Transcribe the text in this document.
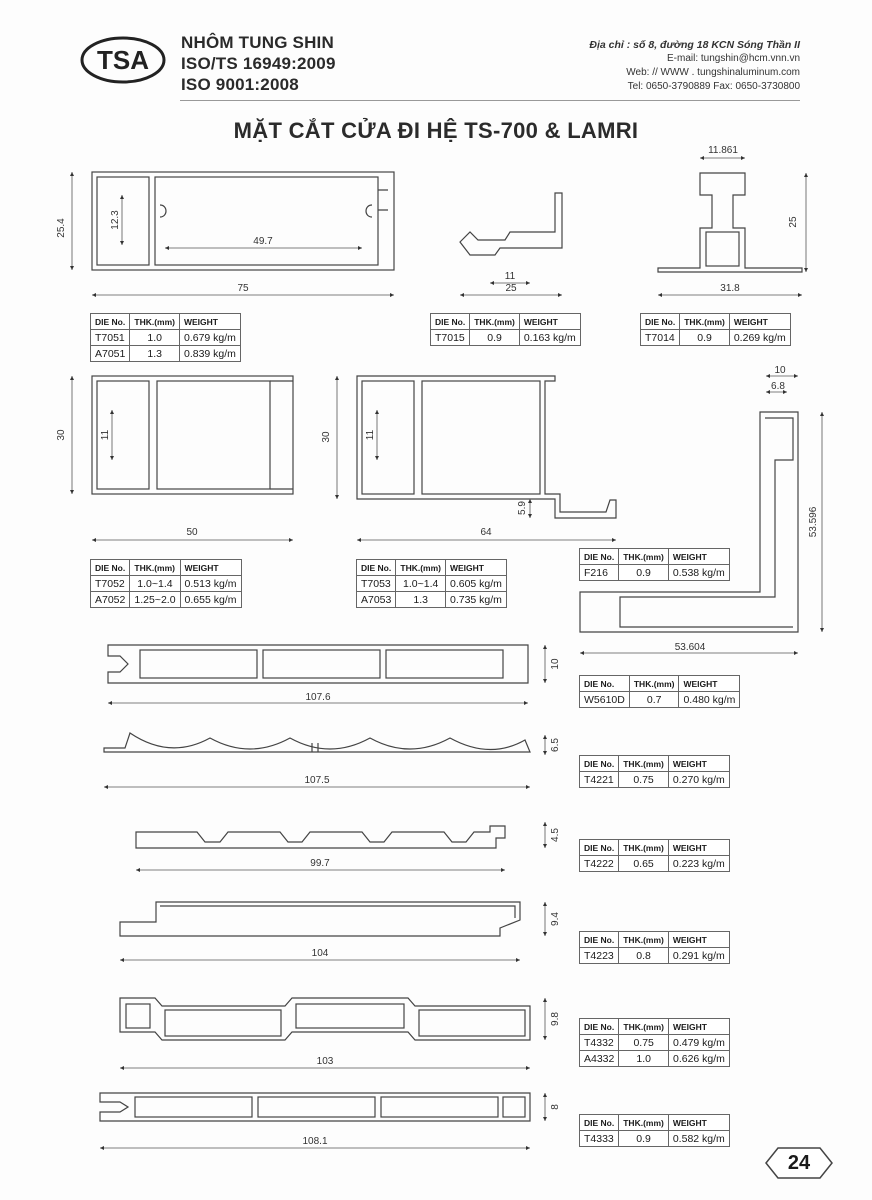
TSA
NHÔM TUNG SHIN
ISO/TS 16949:2009
ISO 9001:2008
Địa chỉ : số 8, đường 18 KCN Sóng Thần II
E-mail: tungshin@hcm.vnn.vn
Web: // WWW . tungshinaluminum.com
Tel: 0650-3790889 Fax: 0650-3730800
MẶT CẮT CỬA ĐI HỆ TS-700 & LAMRI
25.4	12.3
49.7
75
11
25
11.861
25
31.8
30	11
50
30	11
5.9
64
10
6.8
53.596
53.604
10
107.6
6.5
107.5
4.5
99.7
9.4
104
9.8
103
8
108.1
DIE No.	THK.(mm)	WEIGHT
T7051	1.0	0.679 kg/m
A7051	1.3	0.839 kg/m
DIE No.	THK.(mm)	WEIGHT
T7015	0.9	0.163 kg/m
DIE No.	THK.(mm)	WEIGHT
T7014	0.9	0.269 kg/m
DIE No.	THK.(mm)	WEIGHT
T7052	1.0~1.4	0.513 kg/m
A7052	1.25~2.0	0.655 kg/m
DIE No.	THK.(mm)	WEIGHT
T7053	1.0~1.4	0.605 kg/m
A7053	1.3	0.735 kg/m
DIE No.	THK.(mm)	WEIGHT
F216	0.9	0.538 kg/m
DIE No.	THK.(mm)	WEIGHT
W5610D	0.7	0.480 kg/m
DIE No.	THK.(mm)	WEIGHT
T4221	0.75	0.270 kg/m
DIE No.	THK.(mm)	WEIGHT
T4222	0.65	0.223 kg/m
DIE No.	THK.(mm)	WEIGHT
T4223	0.8	0.291 kg/m
DIE No.	THK.(mm)	WEIGHT
T4332	0.75	0.479 kg/m
A4332	1.0	0.626 kg/m
DIE No.	THK.(mm)	WEIGHT
T4333	0.9	0.582 kg/m
24
